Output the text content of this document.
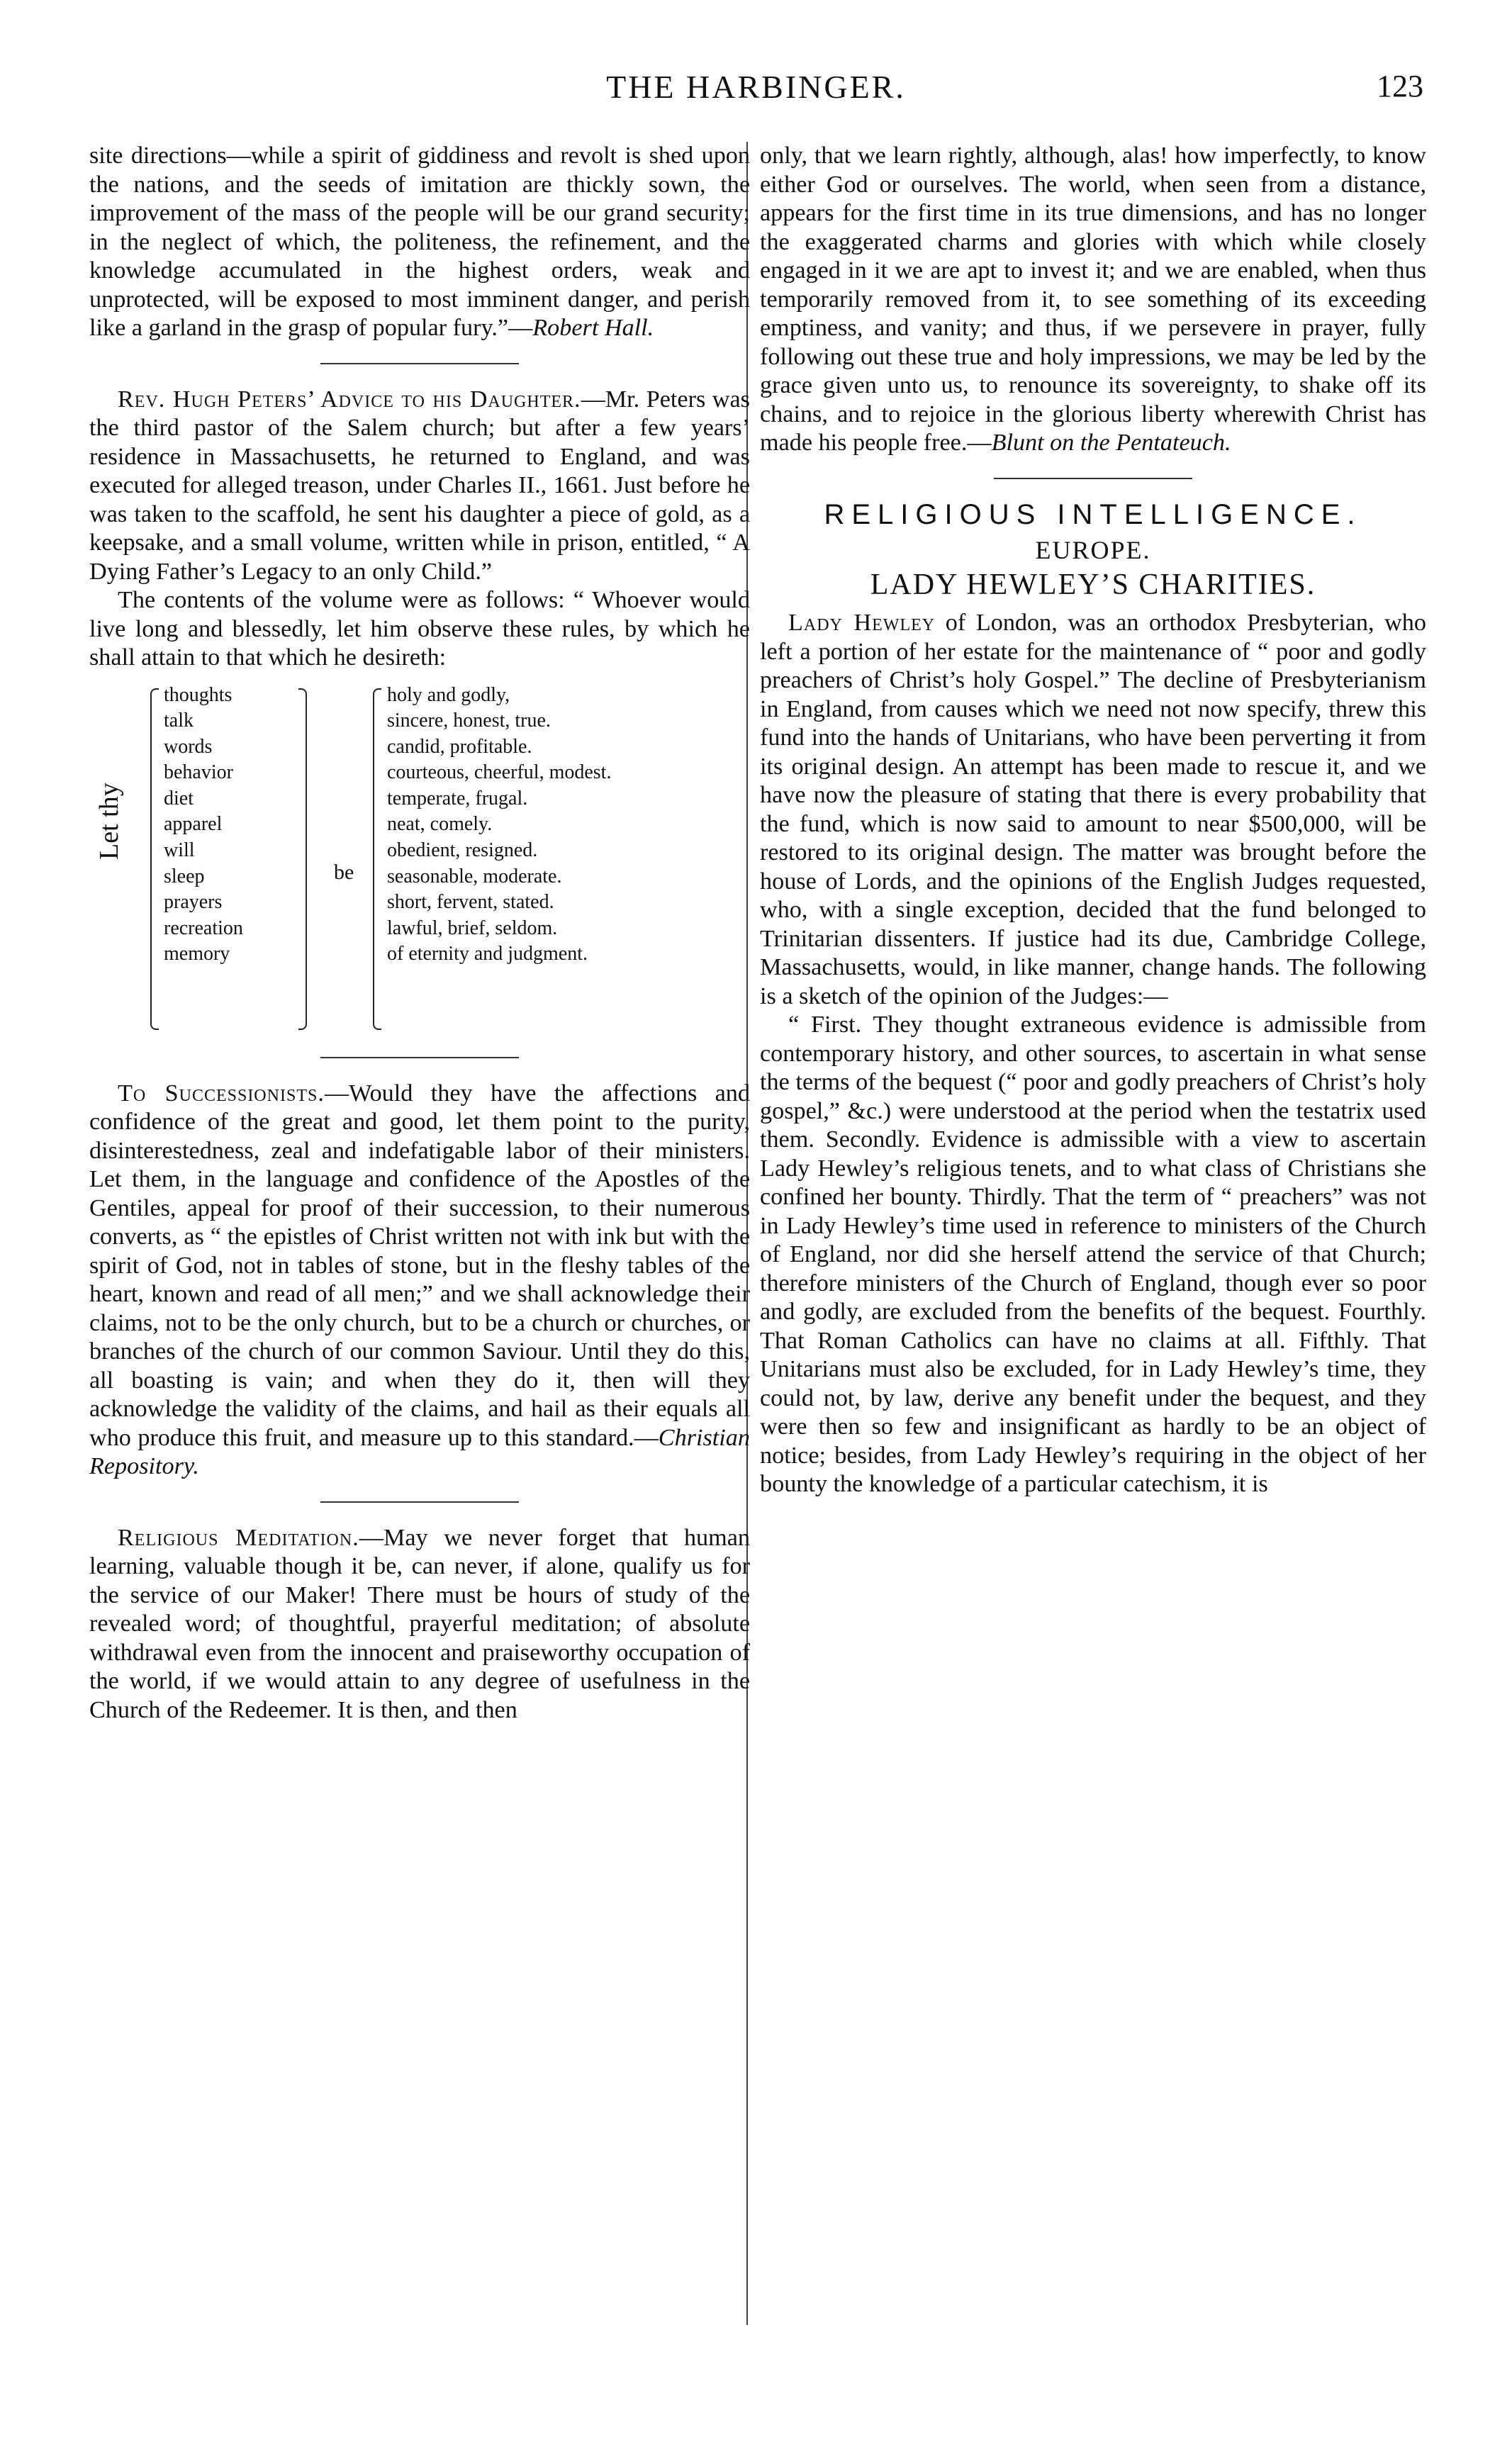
THE HARBINGER.	123

site directions—while a spirit of giddiness and revolt is shed upon the nations, and the seeds of imitation are thickly sown, the improvement of the mass of the people will be our grand security; in the neglect of which, the politeness, the refinement, and the knowledge accumulated in the highest orders, weak and unprotected, will be exposed to most imminent danger, and perish like a garland in the grasp of popular fury.”—Robert Hall.

Rev. Hugh Peters’ Advice to his Daughter.—Mr. Peters was the third pastor of the Salem church; but after a few years’ residence in Massachusetts, he returned to England, and was executed for alleged treason, under Charles II., 1661. Just before he was taken to the scaffold, he sent his daughter a piece of gold, as a keepsake, and a small volume, written while in prison, entitled, “ A Dying Father’s Legacy to an only Child.”

The contents of the volume were as follows: “ Whoever would live long and blessedly, let him observe these rules, by which he shall attain to that which he desireth:

Let thy
thoughts
talk
words
behavior
diet
apparel
will
sleep
prayers
recreation
memory
be
holy and godly,
sincere, honest, true.
candid, profitable.
courteous, cheerful, modest.
temperate, frugal.
neat, comely.
obedient, resigned.
seasonable, moderate.
short, fervent, stated.
lawful, brief, seldom.
of eternity and judgment.

To Successionists.—Would they have the affections and confidence of the great and good, let them point to the purity, disinterestedness, zeal and indefatigable labor of their ministers. Let them, in the language and confidence of the Apostles of the Gentiles, appeal for proof of their succession, to their numerous converts, as “ the epistles of Christ written not with ink but with the spirit of God, not in tables of stone, but in the fleshy tables of the heart, known and read of all men;” and we shall acknowledge their claims, not to be the only church, but to be a church or churches, or branches of the church of our common Saviour. Until they do this, all boasting is vain; and when they do it, then will they acknowledge the validity of the claims, and hail as their equals all who produce this fruit, and measure up to this standard.—Christian Repository.

Religious Meditation.—May we never forget that human learning, valuable though it be, can never, if alone, qualify us for the service of our Maker! There must be hours of study of the revealed word; of thoughtful, prayerful meditation; of absolute withdrawal even from the innocent and praiseworthy occupation of the world, if we would attain to any degree of usefulness in the Church of the Redeemer. It is then, and then

only, that we learn rightly, although, alas! how imperfectly, to know either God or ourselves. The world, when seen from a distance, appears for the first time in its true dimensions, and has no longer the exaggerated charms and glories with which while closely engaged in it we are apt to invest it; and we are enabled, when thus temporarily removed from it, to see something of its exceeding emptiness, and vanity; and thus, if we persevere in prayer, fully following out these true and holy impressions, we may be led by the grace given unto us, to renounce its sovereignty, to shake off its chains, and to rejoice in the glorious liberty wherewith Christ has made his people free.—Blunt on the Pentateuch.

RELIGIOUS INTELLIGENCE.
EUROPE.
LADY HEWLEY’S CHARITIES.

Lady Hewley of London, was an orthodox Presbyterian, who left a portion of her estate for the maintenance of “ poor and godly preachers of Christ’s holy Gospel.” The decline of Presbyterianism in England, from causes which we need not now specify, threw this fund into the hands of Unitarians, who have been perverting it from its original design. An attempt has been made to rescue it, and we have now the pleasure of stating that there is every probability that the fund, which is now said to amount to near $500,000, will be restored to its original design. The matter was brought before the house of Lords, and the opinions of the English Judges requested, who, with a single exception, decided that the fund belonged to Trinitarian dissenters. If justice had its due, Cambridge College, Massachusetts, would, in like manner, change hands. The following is a sketch of the opinion of the Judges:—

“ First. They thought extraneous evidence is admissible from contemporary history, and other sources, to ascertain in what sense the terms of the bequest (“ poor and godly preachers of Christ’s holy gospel,” &c.) were understood at the period when the testatrix used them. Secondly. Evidence is admissible with a view to ascertain Lady Hewley’s religious tenets, and to what class of Christians she confined her bounty. Thirdly. That the term of “ preachers” was not in Lady Hewley’s time used in reference to ministers of the Church of England, nor did she herself attend the service of that Church; therefore ministers of the Church of England, though ever so poor and godly, are excluded from the benefits of the bequest. Fourthly. That Roman Catholics can have no claims at all. Fifthly. That Unitarians must also be excluded, for in Lady Hewley’s time, they could not, by law, derive any benefit under the bequest, and they were then so few and insignificant as hardly to be an object of notice; besides, from Lady Hewley’s requiring in the object of her bounty the knowledge of a particular catechism, it is
